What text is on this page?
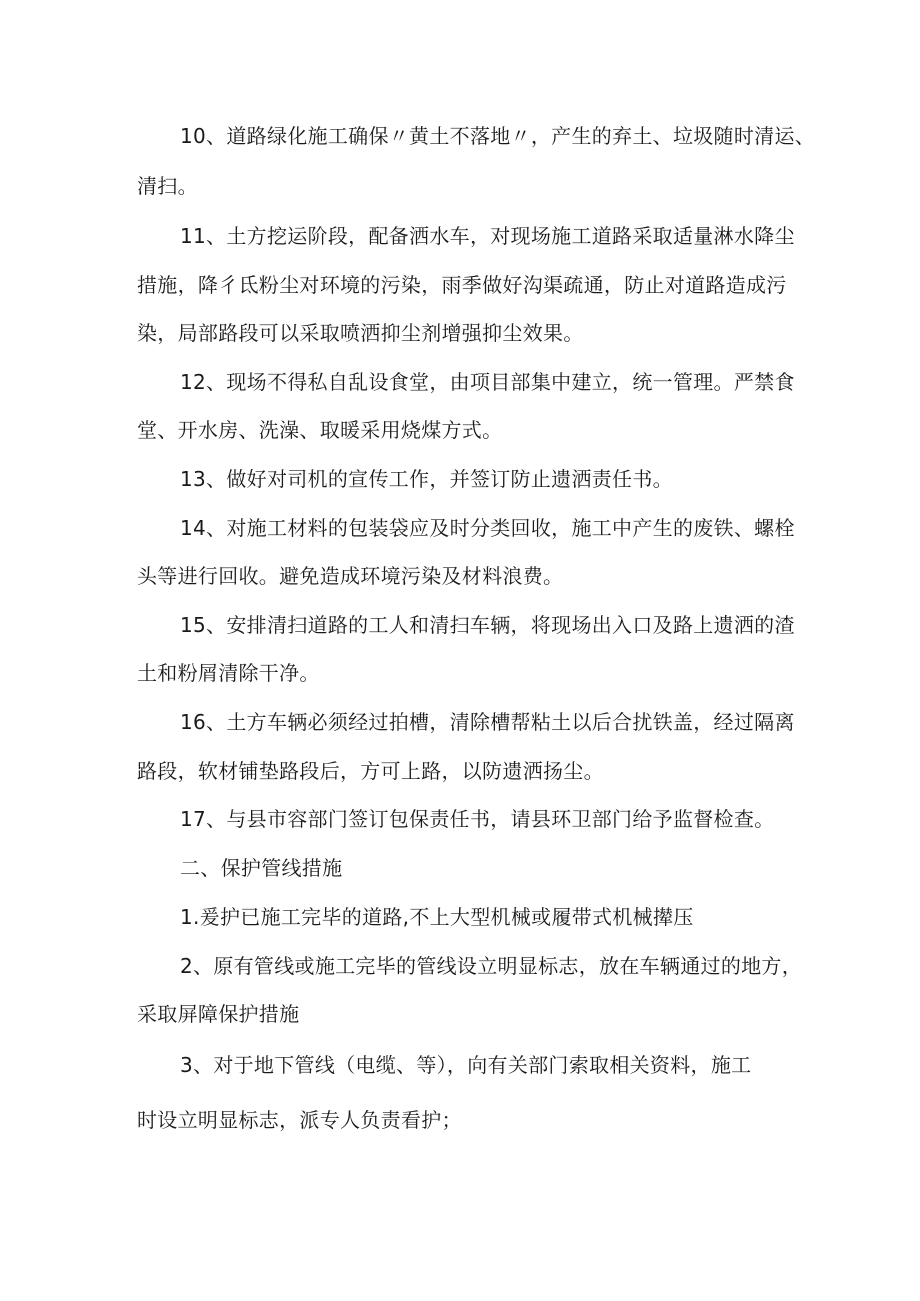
10、道路绿化施工确保〃黄土不落地〃，产生的弃土、垃圾随时清运、
清扫。
11、土方挖运阶段，配备洒水车，对现场施工道路采取适量淋水降尘
措施，降彳氐粉尘对环境的污染，雨季做好沟渠疏通，防止对道路造成污
染，局部路段可以采取喷洒抑尘剂增强抑尘效果。
12、现场不得私自乱设食堂，由项目部集中建立，统一管理。严禁食
堂、开水房、洗澡、取暖采用烧煤方式。
13、做好对司机的宣传工作，并签订防止遗洒责任书。
14、对施工材料的包装袋应及时分类回收，施工中产生的废铁、螺栓
头等进行回收。避免造成环境污染及材料浪费。
15、安排清扫道路的工人和清扫车辆，将现场出入口及路上遗洒的渣
土和粉屑清除干净。
16、土方车辆必须经过拍槽，清除槽帮粘土以后合扰铁盖，经过隔离
路段，软材铺垫路段后，方可上路，以防遗洒扬尘。
17、与县市容部门签订包保责任书，请县环卫部门给予监督检查。
二、保护管线措施
1.爰护已施工完毕的道路,不上大型机械或履带式机械撵压
2、原有管线或施工完毕的管线设立明显标志，放在车辆通过的地方，
采取屏障保护措施
3、对于地下管线（电缆、等），向有关部门索取相关资料，施工
时设立明显标志，派专人负责看护；
